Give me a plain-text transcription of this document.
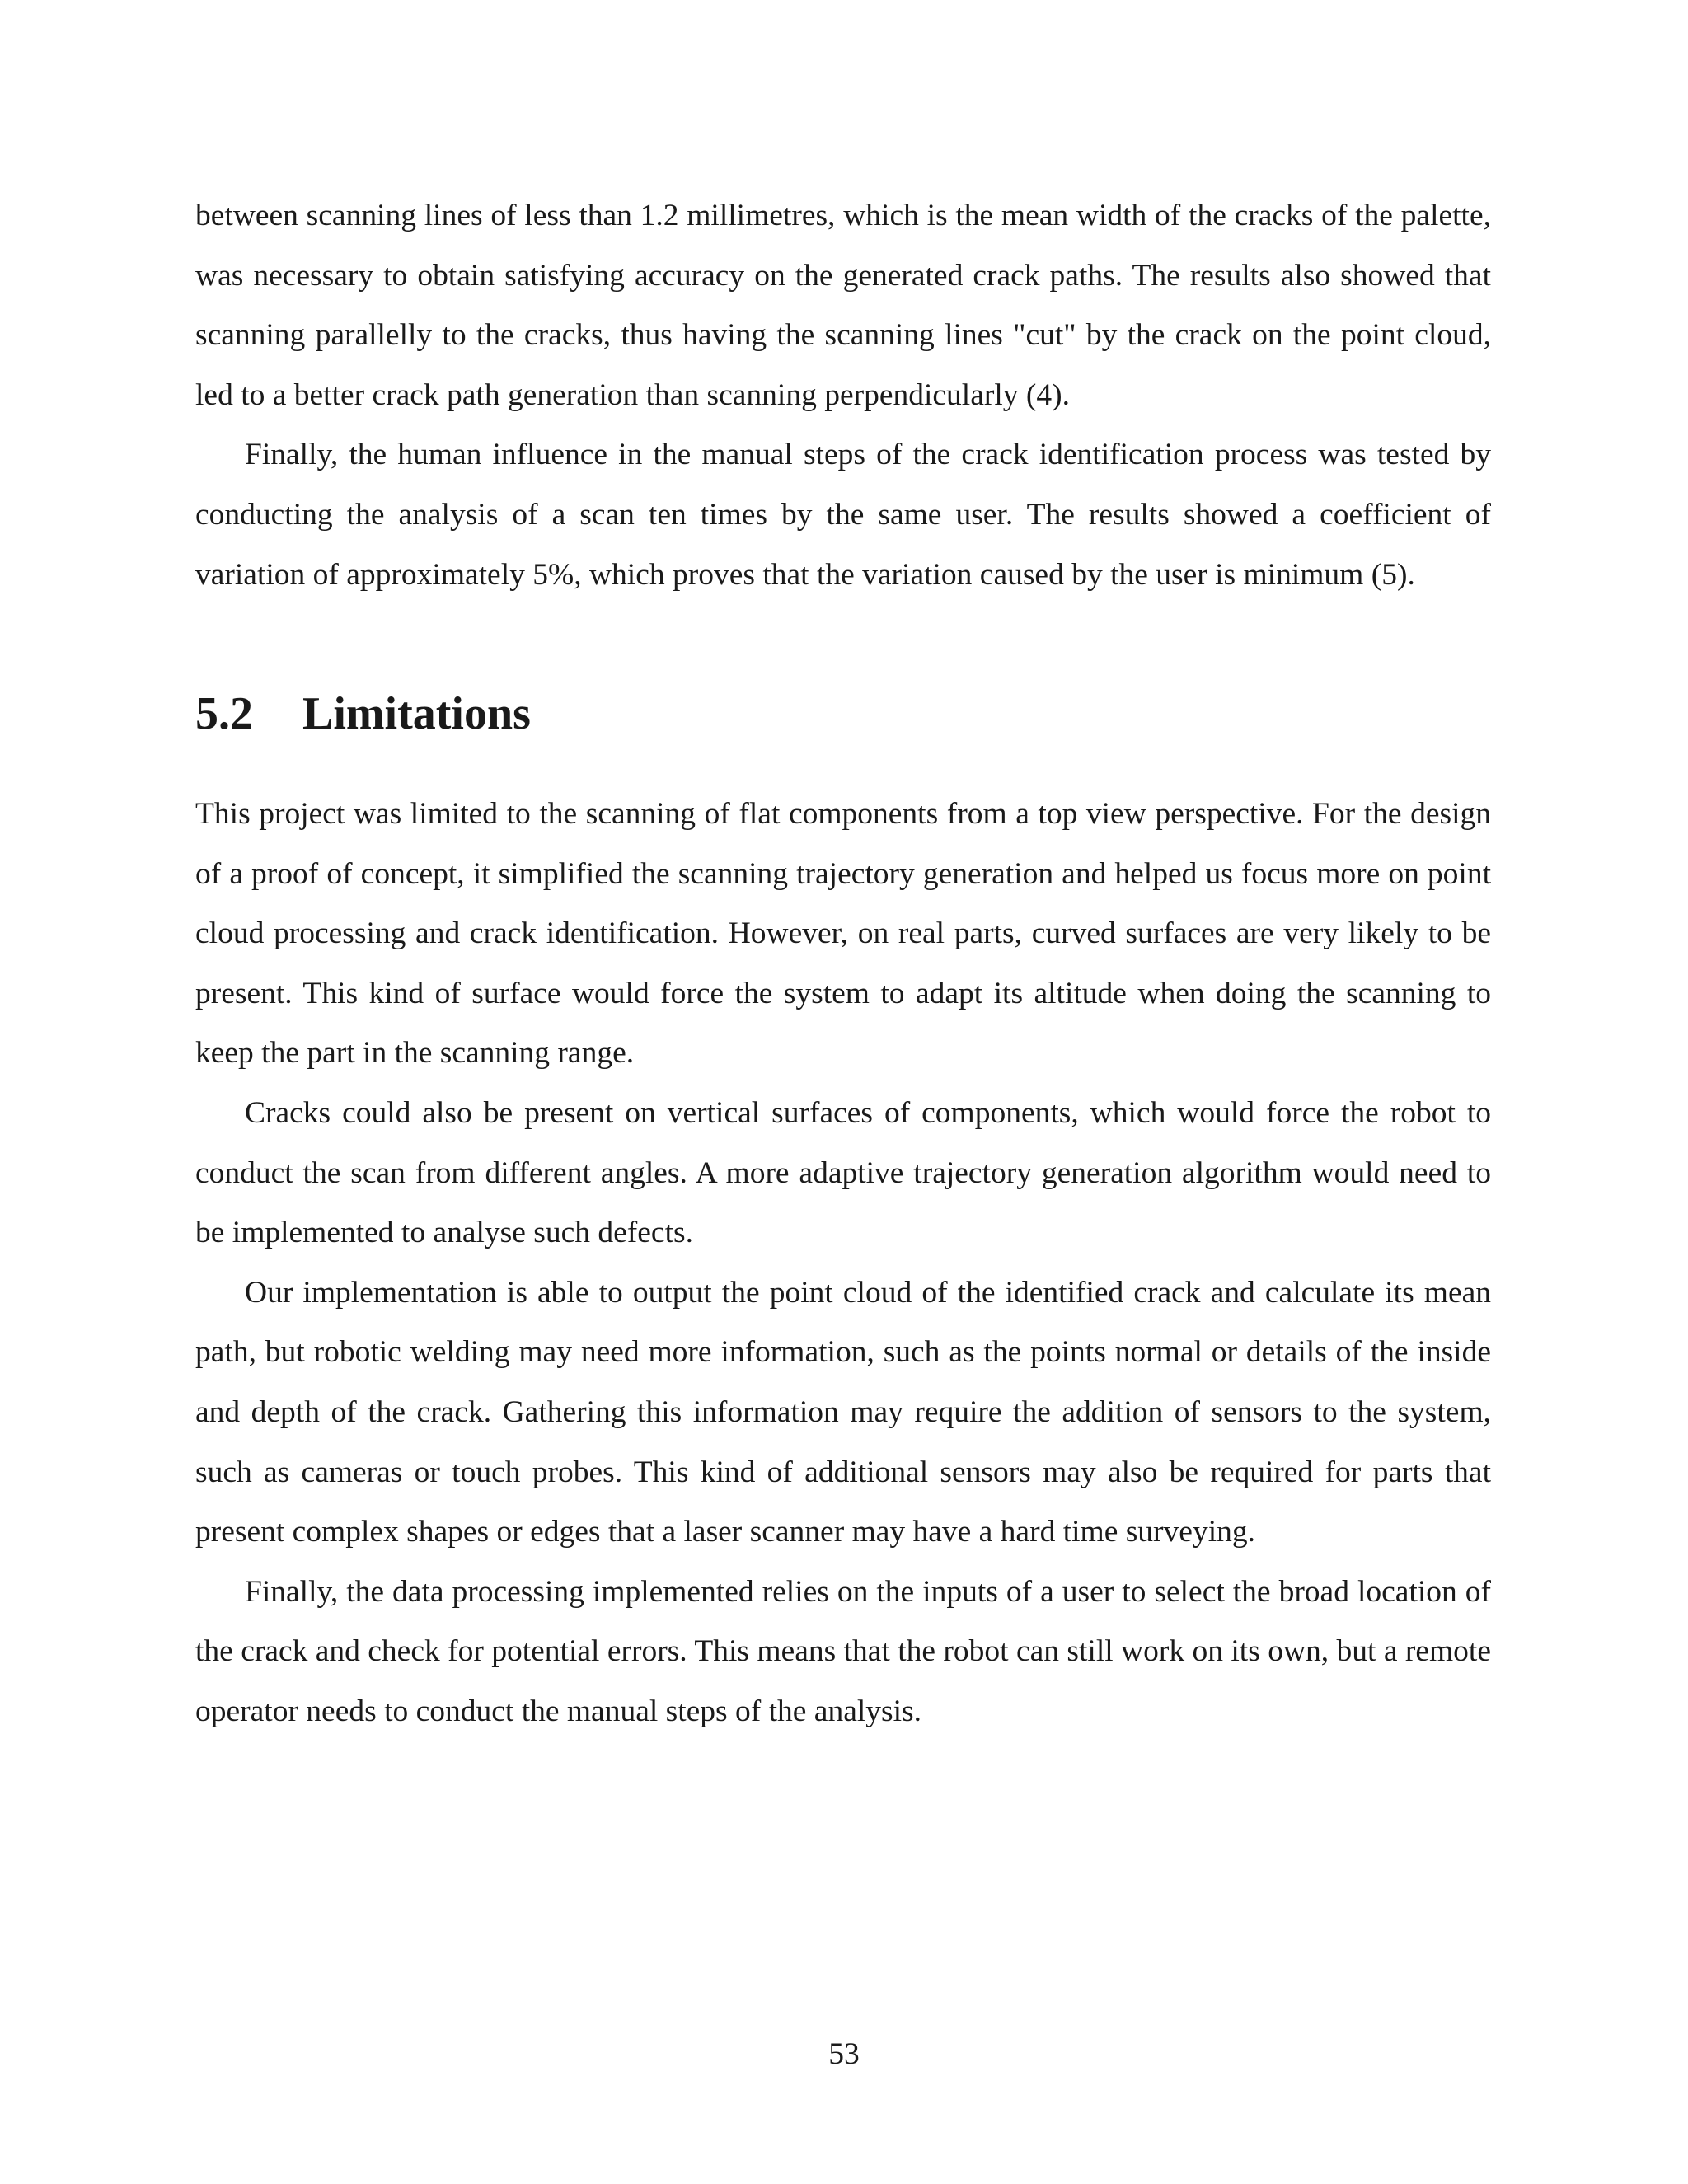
between scanning lines of less than 1.2 millimetres, which is the mean width of the cracks of the palette, was necessary to obtain satisfying accuracy on the generated crack paths. The results also showed that scanning parallelly to the cracks, thus having the scanning lines "cut" by the crack on the point cloud, led to a better crack path generation than scanning perpendicularly (4).

Finally, the human influence in the manual steps of the crack identification process was tested by conducting the analysis of a scan ten times by the same user. The results showed a coefficient of variation of approximately 5%, which proves that the variation caused by the user is minimum (5).

5.2 Limitations

This project was limited to the scanning of flat components from a top view perspective. For the design of a proof of concept, it simplified the scanning trajectory generation and helped us focus more on point cloud processing and crack identification. However, on real parts, curved surfaces are very likely to be present. This kind of surface would force the system to adapt its altitude when doing the scanning to keep the part in the scanning range.

Cracks could also be present on vertical surfaces of components, which would force the robot to conduct the scan from different angles. A more adaptive trajectory generation algorithm would need to be implemented to analyse such defects.

Our implementation is able to output the point cloud of the identified crack and calculate its mean path, but robotic welding may need more information, such as the points normal or details of the inside and depth of the crack. Gathering this information may require the addition of sensors to the system, such as cameras or touch probes. This kind of additional sensors may also be required for parts that present complex shapes or edges that a laser scanner may have a hard time surveying.

Finally, the data processing implemented relies on the inputs of a user to select the broad location of the crack and check for potential errors. This means that the robot can still work on its own, but a remote operator needs to conduct the manual steps of the analysis.

53
